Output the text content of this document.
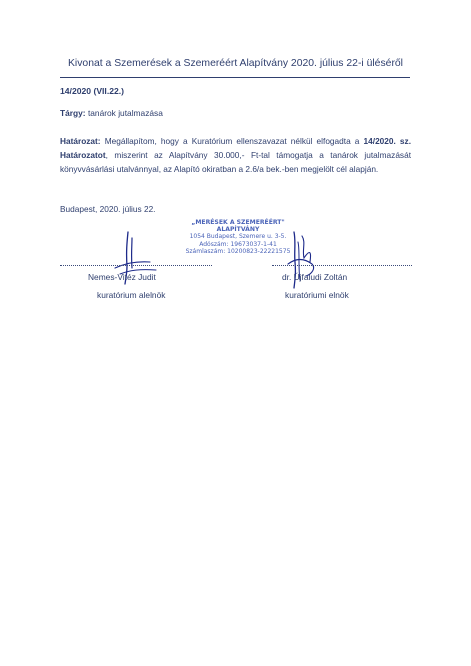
Kivonat a Szemerések a Szemeréért Alapítvány 2020. július 22-i üléséről
14/2020 (VII.22.)
Tárgy: tanárok jutalmazása
Határozat: Megállapítom, hogy a Kuratórium ellenszavazat nélkül elfogadta a 14/2020. sz. Határozatot, miszerint az Alapítvány 30.000,- Ft-tal támogatja a tanárok jutalmazását könyvvásárlási utalvánnyal, az Alapító okiratban a 2.6/a bek.-ben megjelölt cél alapján.
Budapest, 2020. július 22.
„MERÉSEK A SZEMERÉÉRT"
ALAPÍTVÁNY
1054 Budapest, Szemere u. 3-5.
Adószám: 19673037-1-41
Számlaszám: 10200823-22221575
Nemes-Vitéz Judit
kuratórium alelnök
dr. Újfaludi Zoltán
kuratóriumi elnök
